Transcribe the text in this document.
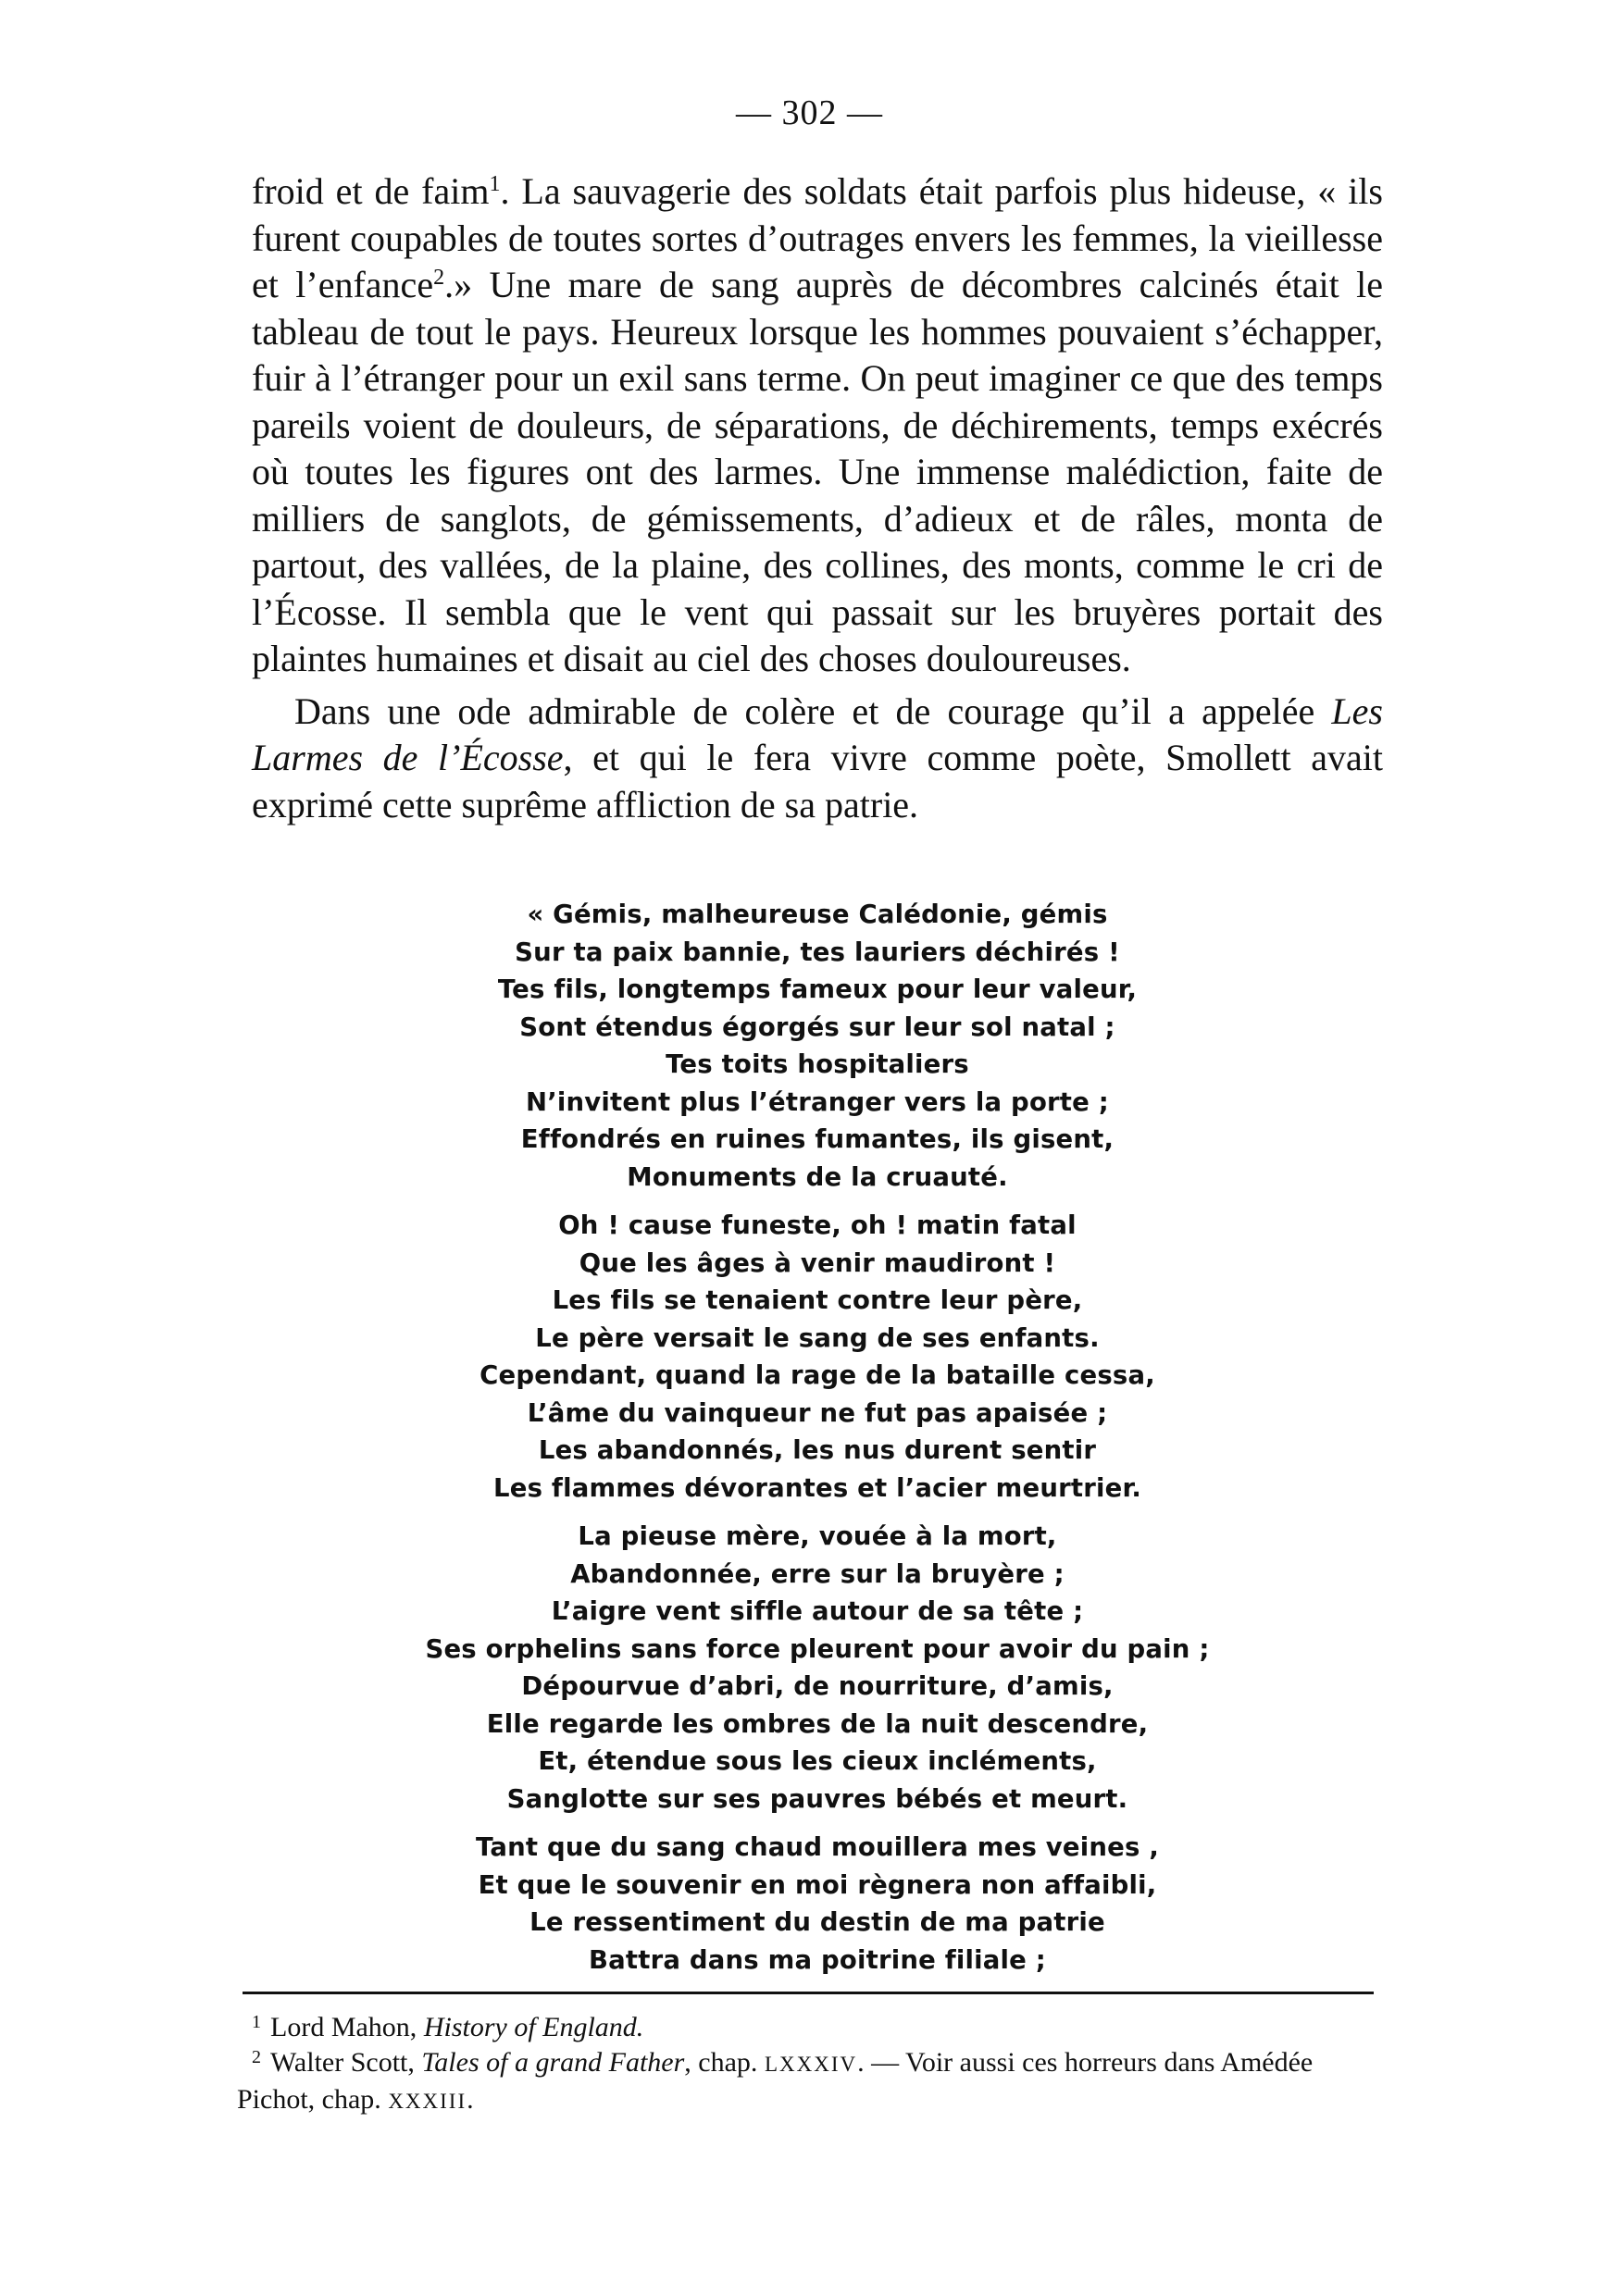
— 302 —

froid et de faim$^1$. La sauvagerie des soldats était parfois plus hideuse, « ils furent coupables de toutes sortes d’outrages envers les femmes, la vieillesse et l’enfance$^2$.» Une mare de sang auprès de décombres calcinés était le tableau de tout le pays. Heureux lorsque les hommes pouvaient s’échapper, fuir à l’étranger pour un exil sans terme. On peut imaginer ce que des temps pareils voient de douleurs, de séparations, de déchirements, temps exécrés où toutes les figures ont des larmes. Une immense malédiction, faite de milliers de sanglots, de gémissements, d’adieux et de râles, monta de partout, des vallées, de la plaine, des collines, des monts, comme le cri de l’Écosse. Il sembla que le vent qui passait sur les bruyères portait des plaintes humaines et disait au ciel des choses douloureuses.

Dans une ode admirable de colère et de courage qu’il a appelée Les Larmes de l’Écosse, et qui le fera vivre comme poète, Smollett avait exprimé cette suprême affliction de sa patrie.

« Gémis, malheureuse Calédonie, gémis
Sur ta paix bannie, tes lauriers déchirés !
Tes fils, longtemps fameux pour leur valeur,
Sont étendus égorgés sur leur sol natal ;
Tes toits hospitaliers
N’invitent plus l’étranger vers la porte ;
Effondrés en ruines fumantes, ils gisent,
Monuments de la cruauté.
Oh ! cause funeste, oh ! matin fatal
Que les âges à venir maudiront !
Les fils se tenaient contre leur père,
Le père versait le sang de ses enfants.
Cependant, quand la rage de la bataille cessa,
L’âme du vainqueur ne fut pas apaisée ;
Les abandonnés, les nus durent sentir
Les flammes dévorantes et l’acier meurtrier.
La pieuse mère, vouée à la mort,
Abandonnée, erre sur la bruyère ;
L’aigre vent siffle autour de sa tête ;
Ses orphelins sans force pleurent pour avoir du pain ;
Dépourvue d’abri, de nourriture, d’amis,
Elle regarde les ombres de la nuit descendre,
Et, étendue sous les cieux incléments,
Sanglotte sur ses pauvres bébés et meurt.
Tant que du sang chaud mouillera mes veines ,
Et que le souvenir en moi règnera non affaibli,
Le ressentiment du destin de ma patrie
Battra dans ma poitrine filiale ;

$^1$ Lord Mahon, History of England.

$^2$ Walter Scott, Tales of a grand Father, chap. LXXXIV. — Voir aussi ces horreurs dans Amédée Pichot, chap. XXXIII.
